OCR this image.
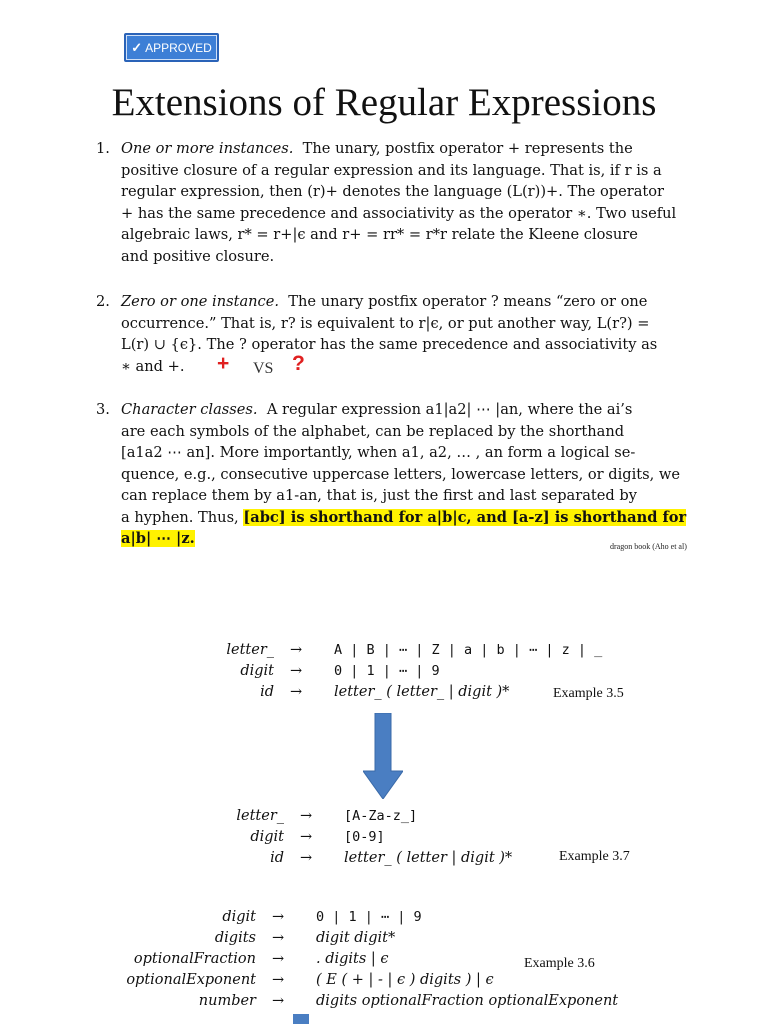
✓ APPROVED
Extensions of Regular Expressions
1. One or more instances. The unary, postfix operator + represents the
positive closure of a regular expression and its language. That is, if r is a
regular expression, then (r)+ denotes the language (L(r))+. The operator
+ has the same precedence and associativity as the operator ∗. Two useful
algebraic laws, r* = r+|ϵ and r+ = rr* = r*r relate the Kleene closure
and positive closure.
2. Zero or one instance. The unary postfix operator ? means “zero or one
occurrence.” That is, r? is equivalent to r|ϵ, or put another way, L(r?) =
L(r) ∪ {ϵ}. The ? operator has the same precedence and associativity as
∗ and +.	+ VS ?
3. Character classes. A regular expression a1|a2| ⋯ |an, where the ai’s
are each symbols of the alphabet, can be replaced by the shorthand
[a1a2 ⋯ an]. More importantly, when a1, a2, … , an form a logical se-
quence, e.g., consecutive uppercase letters, lowercase letters, or digits, we
can replace them by a1-an, that is, just the first and last separated by
a hyphen. Thus, [abc] is shorthand for a|b|c, and [a-z] is shorthand for
a|b| ⋯ |z.	dragon book (Aho et al)
letter_	→ A | B | ⋯ | Z | a | b | ⋯ | z | _
digit	→ 0 | 1 | ⋯ | 9
id	→ letter_ ( letter_ | digit )*	Example 3.5
letter_	→ [A-Za-z_]
digit	→ [0-9]
id	→ letter_ ( letter | digit )*	Example 3.7
digit	→ 0 | 1 | ⋯ | 9
digits	→ digit digit*
optionalFraction	→ . digits | ϵ
optionalExponent	→ ( E ( + | - | ϵ ) digits ) | ϵ
number	→ digits optionalFraction optionalExponent
Example 3.6
